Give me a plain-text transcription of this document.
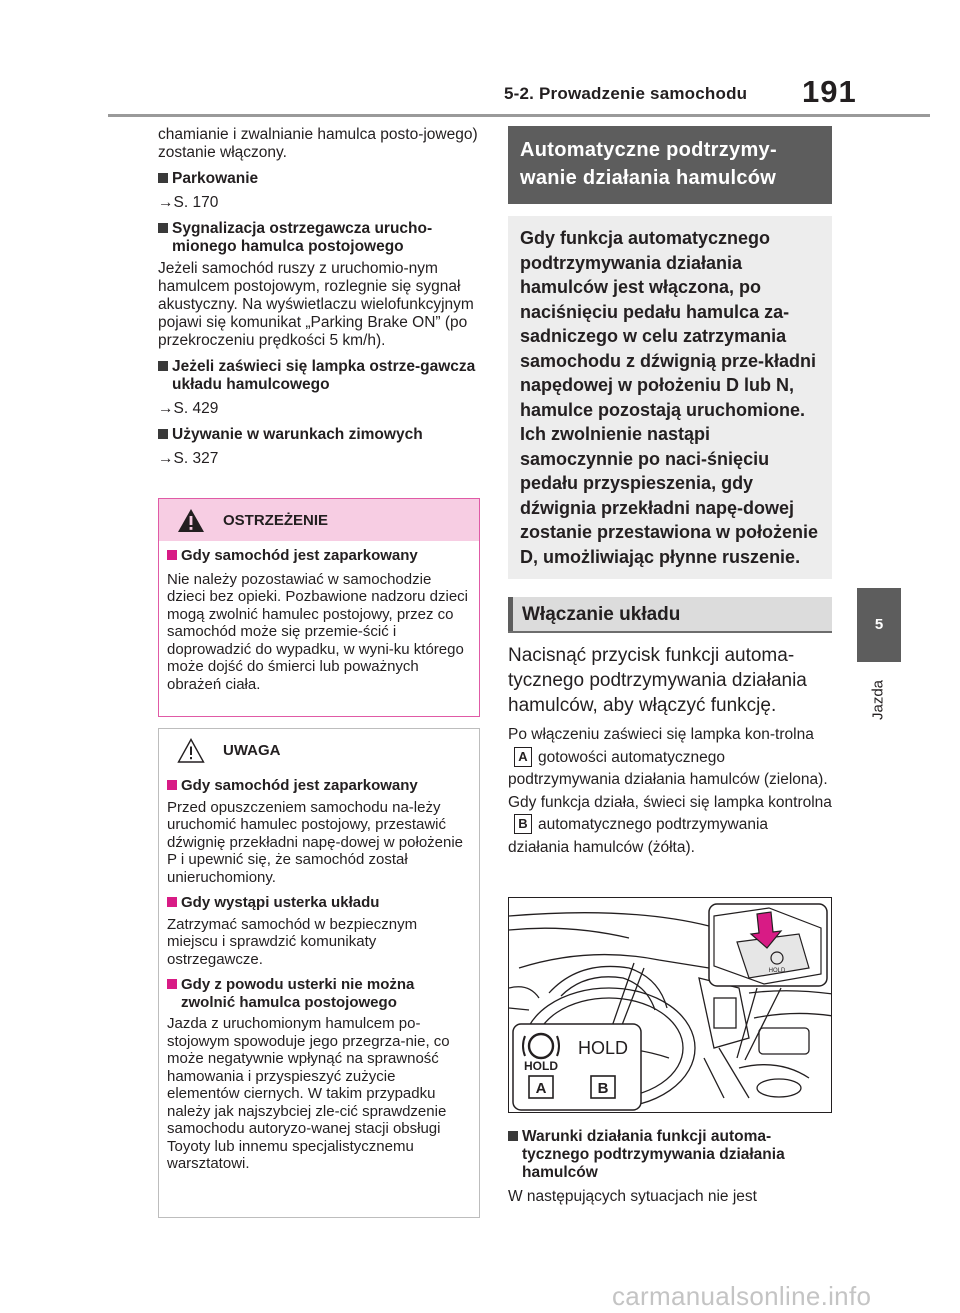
5-2. Prowadzenie samochodu 191
5
Jazda

chamianie i zwalnianie hamulca posto-jowego) zostanie włączony.

Parkowanie

→S. 170

Sygnalizacja ostrzegawcza urucho-mionego hamulca postojowego

Jeżeli samochód ruszy z uruchomio-nym hamulcem postojowym, rozlegnie się sygnał akustyczny. Na wyświetlaczu wielofunkcyjnym pojawi się komunikat „Parking Brake ON” (po przekroczeniu prędkości 5 km/h).

Jeżeli zaświeci się lampka ostrze-gawcza układu hamulcowego

→S. 429

Używanie w warunkach zimowych

→S. 327

OSTRZEŻENIE

Gdy samochód jest zaparkowany

Nie należy pozostawiać w samochodzie dzieci bez opieki. Pozbawione nadzoru dzieci mogą zwolnić hamulec postojowy, przez co samochód może się przemie-ścić i doprowadzić do wypadku, w wyni-ku którego może dojść do śmierci lub poważnych obrażeń ciała.

UWAGA

Gdy samochód jest zaparkowany

Przed opuszczeniem samochodu na-leży uruchomić hamulec postojowy, przestawić dźwignię przekładni napę-dowej w położenie P i upewnić się, że samochód został unieruchomiony.

Gdy wystąpi usterka układu

Zatrzymać samochód w bezpiecznym miejscu i sprawdzić komunikaty ostrzegawcze.

Gdy z powodu usterki nie można zwolnić hamulca postojowego

Jazda z uruchomionym hamulcem po-stojowym spowoduje jego przegrza-nie, co może negatywnie wpłynąć na sprawność hamowania i przyspieszyć zużycie elementów ciernych. W takim przypadku należy jak najszybciej zle-cić sprawdzenie samochodu autoryzo-wanej stacji obsługi Toyoty lub innemu specjalistycznemu warsztatowi.

Automatyczne podtrzymy-wanie działania hamulców
Gdy funkcja automatycznego podtrzymywania działania hamulców jest włączona, po naciśnięciu pedału hamulca za-sadniczego w celu zatrzymania samochodu z dźwignią prze-kładni napędowej w położeniu D lub N, hamulce pozostają uruchomione. Ich zwolnienie nastąpi samoczynnie po naci-śnięciu pedału przyspieszenia, gdy dźwignia przekładni napę-dowej zostanie przestawiona w położenie D, umożliwiając płynne ruszenie.
Włączanie układu

Nacisnąć przycisk funkcji automa-tycznego podtrzymywania działania hamulców, aby włączyć funkcję.

Po włączeniu zaświeci się lampka kon-trolnaA gotowości automatycznego podtrzymywania działania hamulców (zielona). Gdy funkcja działa, świeci się lampka kontrolnaB automatycznego podtrzymywania działania hamulców (żółta).

HOLD
HOLD
HOLD
A	B

Warunki działania funkcji automa-tycznego podtrzymywania działania hamulców

W następujących sytuacjach nie jest

carmanualsonline.info
